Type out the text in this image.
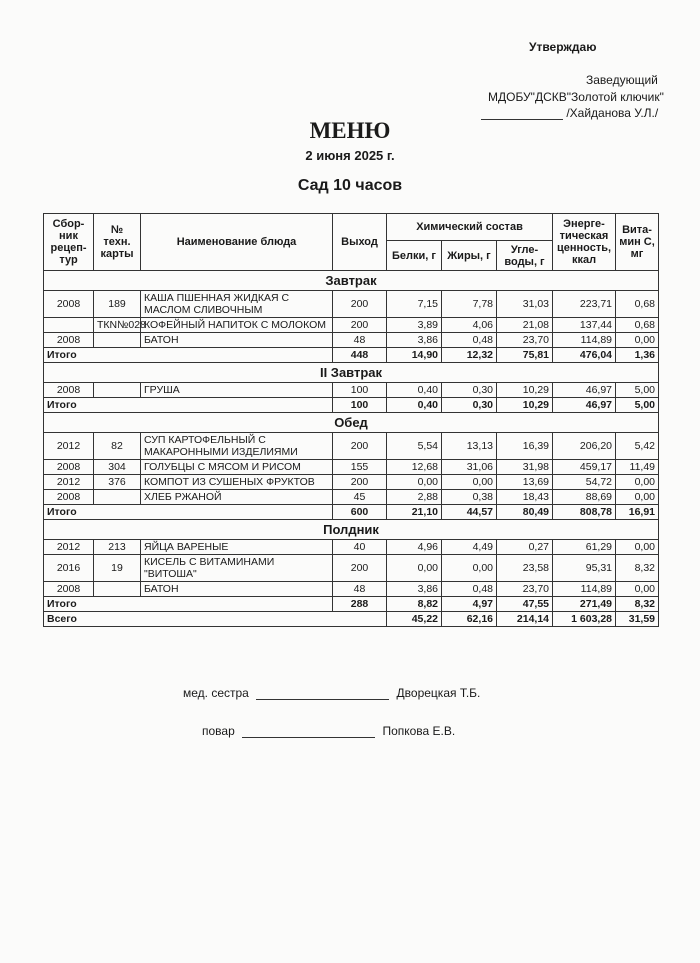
Утверждаю
Заведующий
МДОБУ"ДСКВ"Золотой ключик"
/Хайданова У.Л./
МЕНЮ
2 июня 2025 г.
Сад 10 часов
Сбор-ник рецеп-тур	№ техн. карты	Наименование блюда	Выход	Химический состав			Энерге-тическая ценность, ккал	Вита-мин С, мг
				Белки, г	Жиры, г	Угле-воды, г		
Завтрак								
2008	189	КАША ПШЕННАЯ ЖИДКАЯ С МАСЛОМ СЛИВОЧНЫМ	200	7,15	7,78	31,03	223,71	0,68
	ТКN№028	КОФЕЙНЫЙ НАПИТОК С МОЛОКОМ	200	3,89	4,06	21,08	137,44	0,68
2008		БАТОН	48	3,86	0,48	23,70	114,89	0,00
Итого			448	14,90	12,32	75,81	476,04	1,36
II Завтрак								
2008		ГРУША	100	0,40	0,30	10,29	46,97	5,00
Итого			100	0,40	0,30	10,29	46,97	5,00
Обед								
2012	82	СУП КАРТОФЕЛЬНЫЙ С МАКАРОННЫМИ ИЗДЕЛИЯМИ	200	5,54	13,13	16,39	206,20	5,42
2008	304	ГОЛУБЦЫ С МЯСОМ И РИСОМ	155	12,68	31,06	31,98	459,17	11,49
2012	376	КОМПОТ ИЗ СУШЕНЫХ ФРУКТОВ	200	0,00	0,00	13,69	54,72	0,00
2008		ХЛЕБ РЖАНОЙ	45	2,88	0,38	18,43	88,69	0,00
Итого			600	21,10	44,57	80,49	808,78	16,91
Полдник								
2012	213	ЯЙЦА ВАРЕНЫЕ	40	4,96	4,49	0,27	61,29	0,00
2016	19	КИСЕЛЬ С ВИТАМИНАМИ "ВИТОША"	200	0,00	0,00	23,58	95,31	8,32
2008		БАТОН	48	3,86	0,48	23,70	114,89	0,00
Итого			288	8,82	4,97	47,55	271,49	8,32
Всего				45,22	62,16	214,14	1 603,28	31,59
мед. сестра	Дворецкая Т.Б.
повар	Попкова Е.В.
